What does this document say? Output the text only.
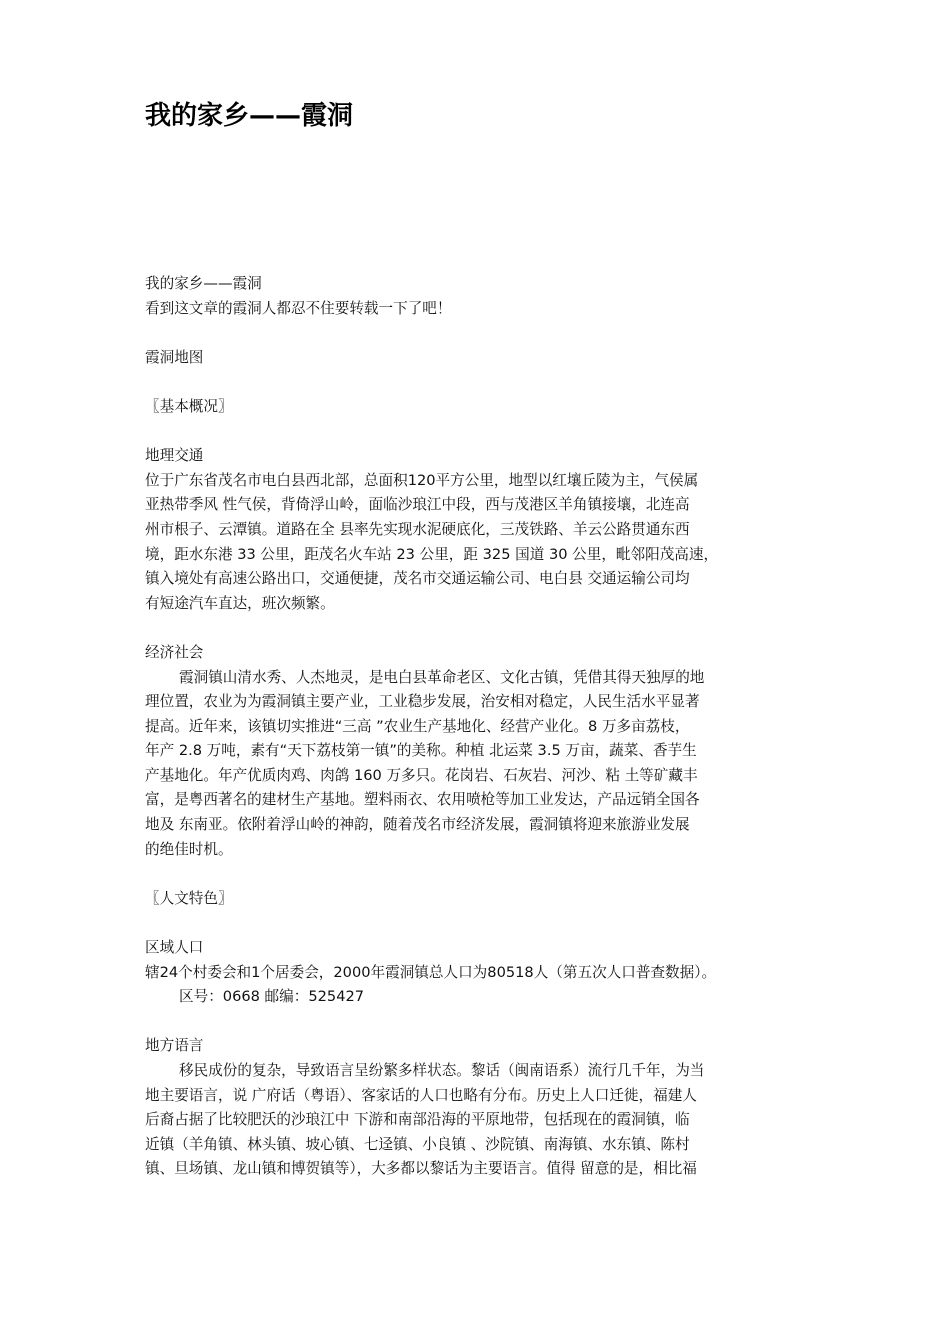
我的家乡——霞洞
我的家乡——霞洞
看到这文章的霞洞人都忍不住要转载一下了吧！
霞洞地图
〖基本概况〗
地理交通
位于广东省茂名市电白县西北部，总面积120平方公里，地型以红壤丘陵为主，气侯属
亚热带季风 性气侯，背倚浮山岭，面临沙琅江中段，西与茂港区羊角镇接壤，北连高
州市根子、云潭镇。道路在全 县率先实现水泥硬底化，三茂铁路、羊云公路贯通东西
境，距水东港 33 公里，距茂名火车站 23 公里，距 325 国道 30 公里，毗邻阳茂高速，
镇入境处有高速公路出口，交通便捷，茂名市交通运输公司、电白县 交通运输公司均
有短途汽车直达，班次频繁。
经济社会
霞洞镇山清水秀、人杰地灵，是电白县革命老区、文化古镇，凭借其得天独厚的地
理位置，农业为为霞洞镇主要产业，工业稳步发展，治安相对稳定，人民生活水平显著
提高。近年来，该镇切实推进“三高 ”农业生产基地化、经营产业化。8 万多亩荔枝，
年产 2.8 万吨，素有“天下荔枝第一镇”的美称。种植 北运菜 3.5 万亩，蔬菜、香芋生
产基地化。年产优质肉鸡、肉鸽 160 万多只。花岗岩、石灰岩、河沙、粘 土等矿藏丰
富，是粤西著名的建材生产基地。塑料雨衣、农用喷枪等加工业发达，产品远销全国各
地及 东南亚。依附着浮山岭的神韵，随着茂名市经济发展，霞洞镇将迎来旅游业发展
的绝佳时机。
〖人文特色〗
区域人口
辖24个村委会和1个居委会，2000年霞洞镇总人口为80518人（第五次人口普查数据）。
区号：0668 邮编：525427
地方语言
移民成份的复杂，导致语言呈纷繁多样状态。黎话（闽南语系）流行几千年，为当
地主要语言，说 广府话（粤语）、客家话的人口也略有分布。历史上人口迁徙，福建人
后裔占据了比较肥沃的沙琅江中 下游和南部沿海的平原地带，包括现在的霞洞镇，临
近镇（羊角镇、林头镇、坡心镇、七迳镇、小良镇 、沙院镇、南海镇、水东镇、陈村
镇、旦场镇、龙山镇和博贺镇等），大多都以黎话为主要语言。值得 留意的是，相比福
